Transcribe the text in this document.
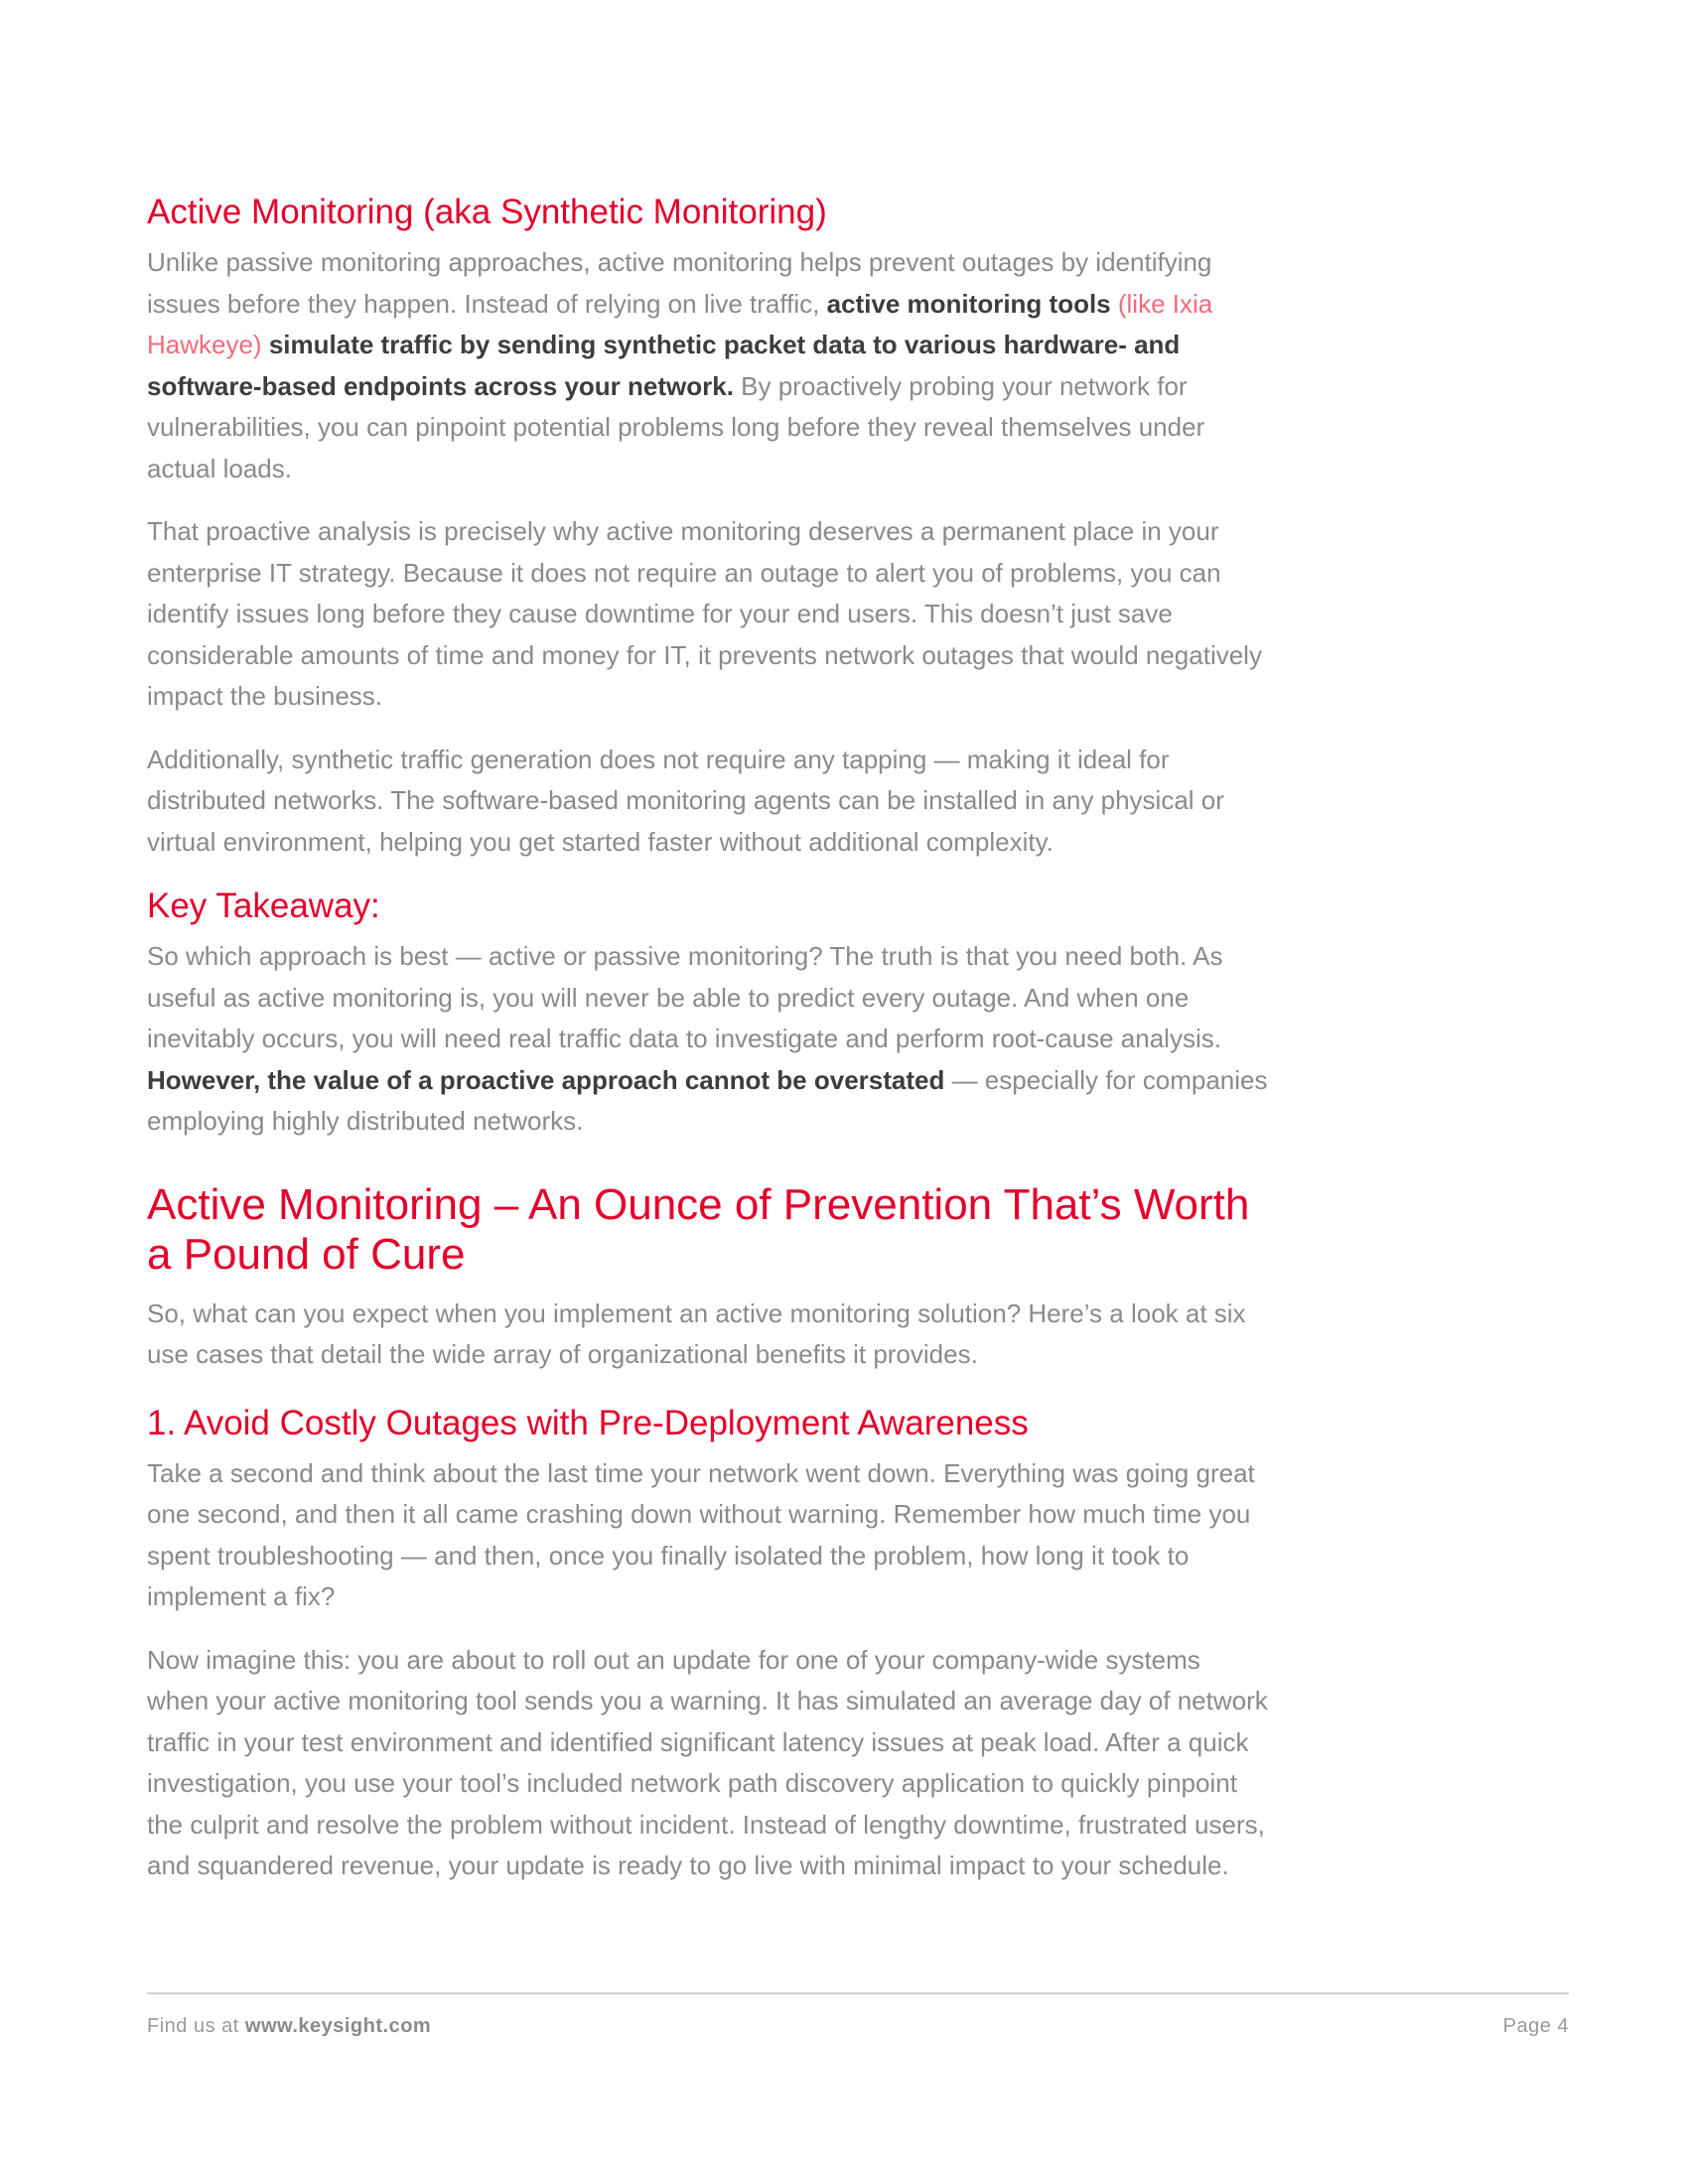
Active Monitoring (aka Synthetic Monitoring)

Unlike passive monitoring approaches, active monitoring helps prevent outages by identifying issues before they happen. Instead of relying on live traffic, active monitoring tools (like Ixia Hawkeye) simulate traffic by sending synthetic packet data to various hardware- and software-based endpoints across your network. By proactively probing your network for vulnerabilities, you can pinpoint potential problems long before they reveal themselves under actual loads.

That proactive analysis is precisely why active monitoring deserves a permanent place in your enterprise IT strategy. Because it does not require an outage to alert you of problems, you can identify issues long before they cause downtime for your end users. This doesn’t just save considerable amounts of time and money for IT, it prevents network outages that would negatively impact the business.

Additionally, synthetic traffic generation does not require any tapping — making it ideal for distributed networks. The software-based monitoring agents can be installed in any physical or virtual environment, helping you get started faster without additional complexity.

Key Takeaway:

So which approach is best — active or passive monitoring? The truth is that you need both. As useful as active monitoring is, you will never be able to predict every outage. And when one inevitably occurs, you will need real traffic data to investigate and perform root-cause analysis. However, the value of a proactive approach cannot be overstated — especially for companies employing highly distributed networks.

Active Monitoring – An Ounce of Prevention That’s Worth a Pound of Cure

So, what can you expect when you implement an active monitoring solution? Here’s a look at six use cases that detail the wide array of organizational benefits it provides.

1. Avoid Costly Outages with Pre-Deployment Awareness

Take a second and think about the last time your network went down. Everything was going great one second, and then it all came crashing down without warning. Remember how much time you spent troubleshooting — and then, once you finally isolated the problem, how long it took to implement a fix?

Now imagine this: you are about to roll out an update for one of your company-wide systems when your active monitoring tool sends you a warning. It has simulated an average day of network traffic in your test environment and identified significant latency issues at peak load. After a quick investigation, you use your tool’s included network path discovery application to quickly pinpoint the culprit and resolve the problem without incident. Instead of lengthy downtime, frustrated users, and squandered revenue, your update is ready to go live with minimal impact to your schedule.

Find us at www.keysight.com	Page 4
